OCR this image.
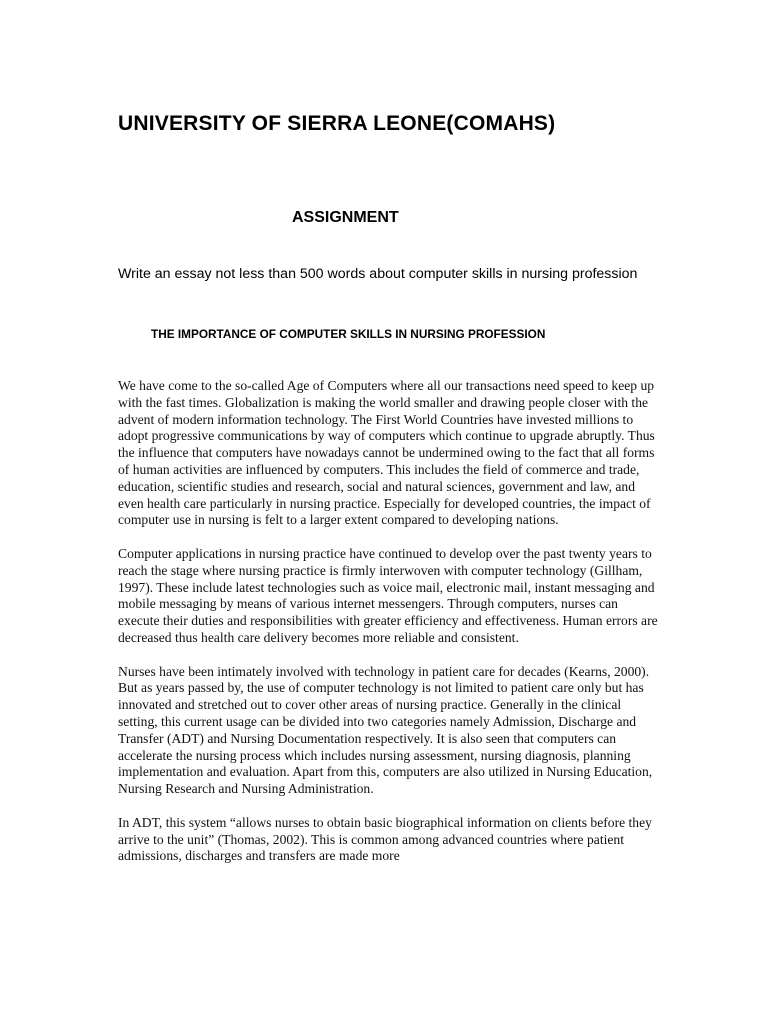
UNIVERSITY OF SIERRA LEONE(COMAHS)
ASSIGNMENT

Write an essay not less than 500 words about computer skills in nursing profession

THE IMPORTANCE OF COMPUTER SKILLS IN NURSING PROFESSION

We have come to the so-called Age of Computers where all our transactions need speed to keep up with the fast times. Globalization is making the world smaller and drawing people closer with the advent of modern information technology. The First World Countries have invested millions to adopt progressive communications by way of computers which continue to upgrade abruptly. Thus the influence that computers have nowadays cannot be undermined owing to the fact that all forms of human activities are influenced by computers. This includes the field of commerce and trade, education, scientific studies and research, social and natural sciences, government and law, and even health care particularly in nursing practice. Especially for developed countries, the impact of computer use in nursing is felt to a larger extent compared to developing nations.

Computer applications in nursing practice have continued to develop over the past twenty years to reach the stage where nursing practice is firmly interwoven with computer technology (Gillham, 1997). These include latest technologies such as voice mail, electronic mail, instant messaging and mobile messaging by means of various internet messengers. Through computers, nurses can execute their duties and responsibilities with greater efficiency and effectiveness. Human errors are decreased thus health care delivery becomes more reliable and consistent.

Nurses have been intimately involved with technology in patient care for decades (Kearns, 2000). But as years passed by, the use of computer technology is not limited to patient care only but has innovated and stretched out to cover other areas of nursing practice. Generally in the clinical setting, this current usage can be divided into two categories namely Admission, Discharge and Transfer (ADT) and Nursing Documentation respectively. It is also seen that computers can accelerate the nursing process which includes nursing assessment, nursing diagnosis, planning implementation and evaluation. Apart from this, computers are also utilized in Nursing Education, Nursing Research and Nursing Administration.

In ADT, this system “allows nurses to obtain basic biographical information on clients before they arrive to the unit” (Thomas, 2002). This is common among advanced countries where patient admissions, discharges and transfers are made more
